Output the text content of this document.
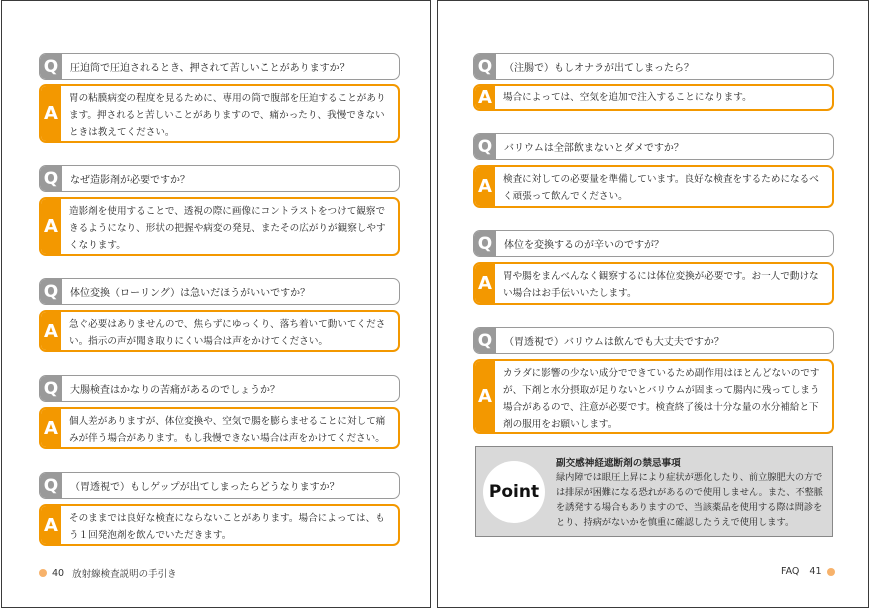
Q	圧迫筒で圧迫されるとき、押されて苦しいことがありますか？
A
胃の粘膜病変の程度を見るために、専用の筒で腹部を圧迫することがあります。押されると苦しいことがありますので、痛かったり、我慢できないときは教えてください。
Q	なぜ造影剤が必要ですか？
A
造影剤を使用することで、透視の際に画像にコントラストをつけて観察できるようになり、形状の把握や病変の発見、またその広がりが観察しやすくなります。
Q	体位変換（ローリング）は急いだほうがいいですか？
A	急ぐ必要はありませんので、焦らずにゆっくり、落ち着いて動いてください。指示の声が聞き取りにくい場合は声をかけてください。
Q	大腸検査はかなりの苦痛があるのでしょうか？
A	個人差がありますが、体位変換や、空気で腸を膨らませることに対して痛みが伴う場合があります。もし我慢できない場合は声をかけてください。
Q	（胃透視で）もしゲップが出てしまったらどうなりますか？
A	そのままでは良好な検査にならないことがあります。場合によっては、もう１回発泡剤を飲んでいただきます。
40 放射線検査説明の手引き
Q	（注腸で）もしオナラが出てしまったら？
A	場合によっては、空気を追加で注入することになります。
Q	バリウムは全部飲まないとダメですか？
A	検査に対しての必要量を準備しています。良好な検査をするためになるべく頑張って飲んでください。
Q	体位を変換するのが辛いのですが？
A	胃や腸をまんべんなく観察するには体位変換が必要です。お一人で動けない場合はお手伝いいたします。
Q	（胃透視で）バリウムは飲んでも大丈夫ですか？
A
カラダに影響の少ない成分でできているため副作用はほとんどないのですが、下剤と水分摂取が足りないとバリウムが固まって腸内に残ってしまう場合があるので、注意が必要です。検査終了後は十分な量の水分補給と下剤の服用をお願いします。
Point
副交感神経遮断剤の禁忌事項
緑内障では眼圧上昇により症状が悪化したり、前立腺肥大の方では排尿が困難になる恐れがあるので使用しません。また、不整脈を誘発する場合もありますので、当該薬品を使用する際は問診をとり、持病がないかを慎重に確認したうえで使用します。
FAQ 41
